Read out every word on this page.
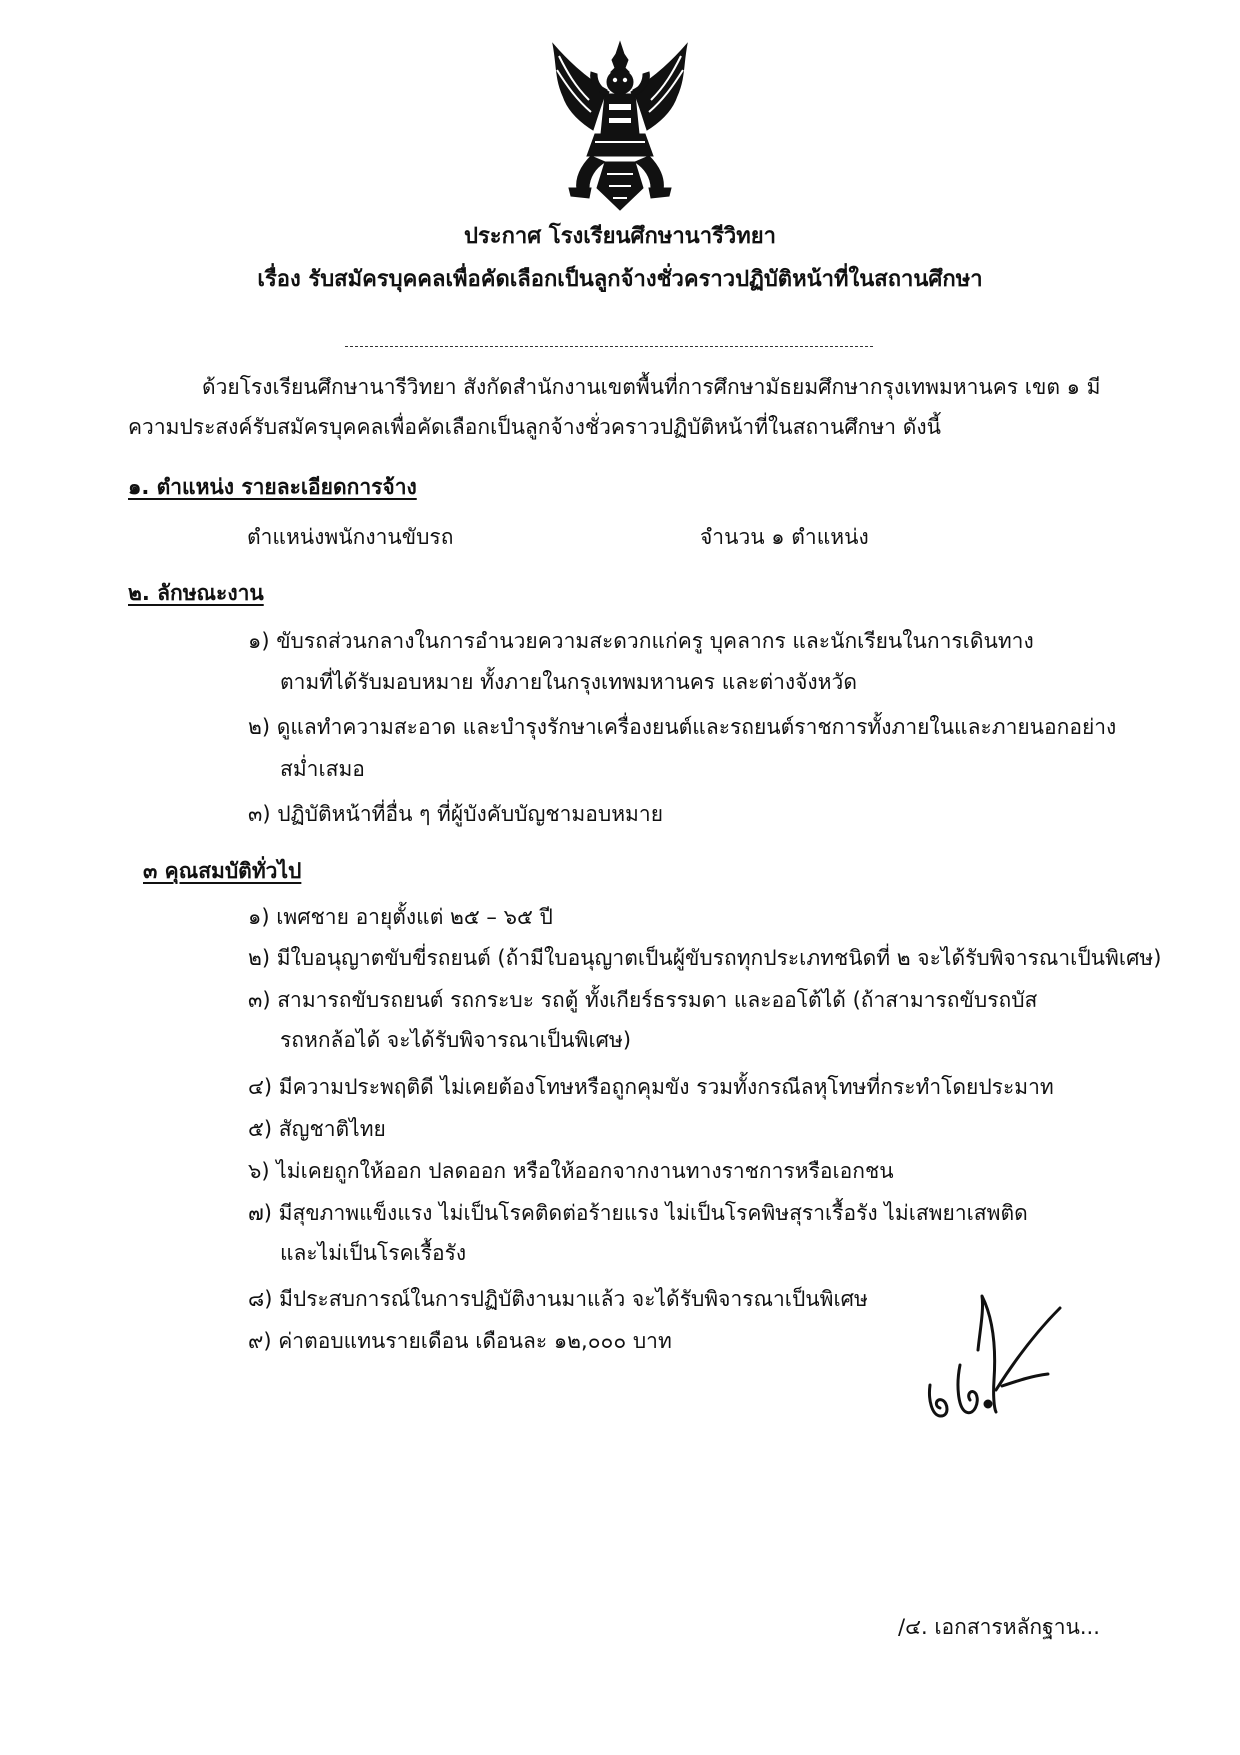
ประกาศ โรงเรียนศึกษานารีวิทยา
เรื่อง รับสมัครบุคคลเพื่อคัดเลือกเป็นลูกจ้างชั่วคราวปฏิบัติหน้าที่ในสถานศึกษา
ด้วยโรงเรียนศึกษานารีวิทยา สังกัดสำนักงานเขตพื้นที่การศึกษามัธยมศึกษากรุงเทพมหานคร เขต ๑ มี
ความประสงค์รับสมัครบุคคลเพื่อคัดเลือกเป็นลูกจ้างชั่วคราวปฏิบัติหน้าที่ในสถานศึกษา ดังนี้
๑. ตำแหน่ง รายละเอียดการจ้าง
ตำแหน่งพนักงานขับรถ	จำนวน ๑ ตำแหน่ง
๒. ลักษณะงาน
๑) ขับรถส่วนกลางในการอำนวยความสะดวกแก่ครู บุคลากร และนักเรียนในการเดินทาง
ตามที่ได้รับมอบหมาย ทั้งภายในกรุงเทพมหานคร และต่างจังหวัด
๒) ดูแลทำความสะอาด และบำรุงรักษาเครื่องยนต์และรถยนต์ราชการทั้งภายในและภายนอกอย่าง
สม่ำเสมอ
๓) ปฏิบัติหน้าที่อื่น ๆ ที่ผู้บังคับบัญชามอบหมาย
๓ คุณสมบัติทั่วไป
๑) เพศชาย อายุตั้งแต่ ๒๕ – ๖๕ ปี
๒) มีใบอนุญาตขับขี่รถยนต์ (ถ้ามีใบอนุญาตเป็นผู้ขับรถทุกประเภทชนิดที่ ๒ จะได้รับพิจารณาเป็นพิเศษ)
๓) สามารถขับรถยนต์ รถกระบะ รถตู้ ทั้งเกียร์ธรรมดา และออโต้ได้ (ถ้าสามารถขับรถบัส
รถหกล้อได้ จะได้รับพิจารณาเป็นพิเศษ)
๔) มีความประพฤติดี ไม่เคยต้องโทษหรือถูกคุมขัง รวมทั้งกรณีลหุโทษที่กระทำโดยประมาท
๕) สัญชาติไทย
๖) ไม่เคยถูกให้ออก ปลดออก หรือให้ออกจากงานทางราชการหรือเอกชน
๗) มีสุขภาพแข็งแรง ไม่เป็นโรคติดต่อร้ายแรง ไม่เป็นโรคพิษสุราเรื้อรัง ไม่เสพยาเสพติด
และไม่เป็นโรคเรื้อรัง
๘) มีประสบการณ์ในการปฏิบัติงานมาแล้ว จะได้รับพิจารณาเป็นพิเศษ
๙) ค่าตอบแทนรายเดือน เดือนละ ๑๒,๐๐๐ บาท
/๔. เอกสารหลักฐาน...
